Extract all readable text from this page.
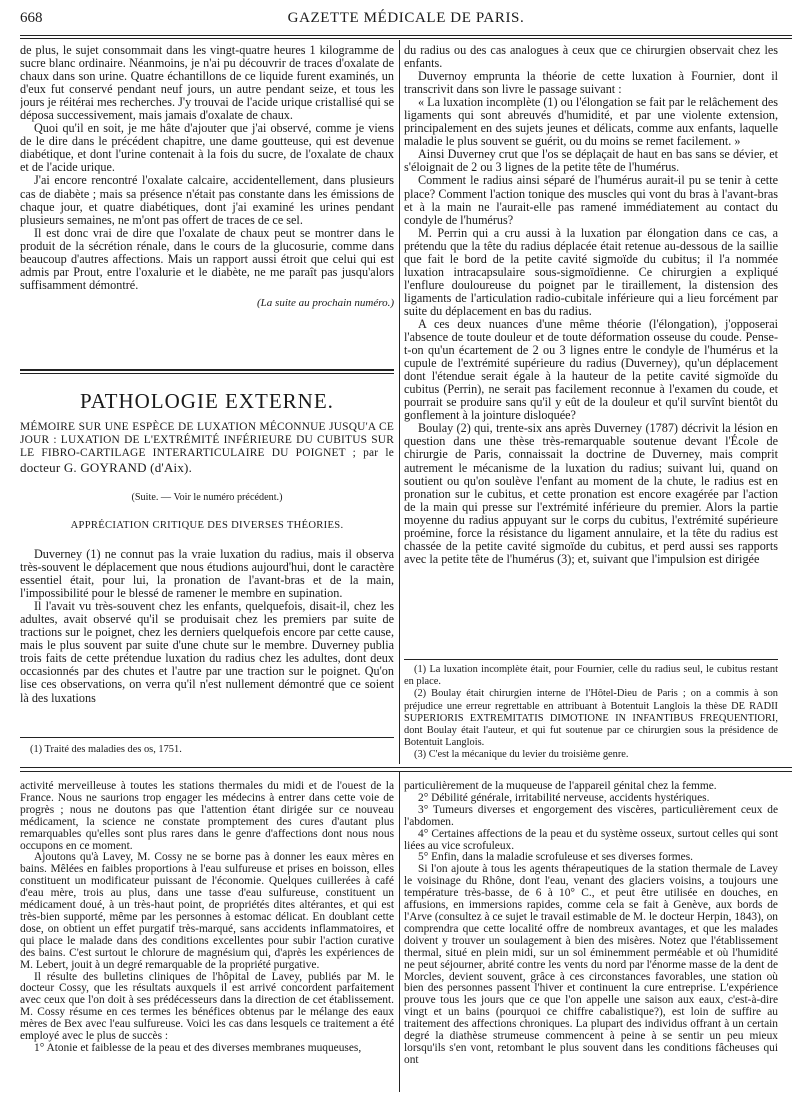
668	GAZETTE MÉDICALE DE PARIS.

de plus, le sujet consommait dans les vingt-quatre heures 1 kilogramme de sucre blanc ordinaire. Néanmoins, je n'ai pu découvrir de traces d'oxalate de chaux dans son urine. Quatre échantillons de ce liquide furent examinés, un d'eux fut conservé pendant neuf jours, un autre pendant seize, et tous les jours je réitérai mes recherches. J'y trouvai de l'acide urique cristallisé qui se déposa successivement, mais jamais d'oxalate de chaux.

Quoi qu'il en soit, je me hâte d'ajouter que j'ai observé, comme je viens de le dire dans le précédent chapitre, une dame goutteuse, qui est devenue diabétique, et dont l'urine contenait à la fois du sucre, de l'oxalate de chaux et de l'acide urique.

J'ai encore rencontré l'oxalate calcaire, accidentellement, dans plusieurs cas de diabète ; mais sa présence n'était pas constante dans les émissions de chaque jour, et quatre diabétiques, dont j'ai examiné les urines pendant plusieurs semaines, ne m'ont pas offert de traces de ce sel.

Il est donc vrai de dire que l'oxalate de chaux peut se montrer dans le produit de la sécrétion rénale, dans le cours de la glucosurie, comme dans beaucoup d'autres affections. Mais un rapport aussi étroit que celui qui est admis par Prout, entre l'oxalurie et le diabète, ne me paraît pas jusqu'alors suffisamment démontré.

(La suite au prochain numéro.)

PATHOLOGIE EXTERNE.
MÉMOIRE SUR UNE ESPÈCE DE LUXATION MÉCONNUE JUSQU'A CE JOUR : LUXATION DE L'EXTRÉMITÉ INFÉRIEURE DU CUBITUS SUR LE FIBRO-CARTILAGE INTERARTICULAIRE DU POIGNET ; par le docteur G. GOYRAND (d'Aix).
(Suite. — Voir le numéro précédent.)
APPRÉCIATION CRITIQUE DES DIVERSES THÉORIES.

Duverney (1) ne connut pas la vraie luxation du radius, mais il observa très-souvent le déplacement que nous étudions aujourd'hui, dont le caractère essentiel était, pour lui, la pronation de l'avant-bras et de la main, l'impossibilité pour le blessé de ramener le membre en supination.

Il l'avait vu très-souvent chez les enfants, quelquefois, disait-il, chez les adultes, avait observé qu'il se produisait chez les premiers par suite de tractions sur le poignet, chez les derniers quelquefois encore par cette cause, mais le plus souvent par suite d'une chute sur le membre. Duverney publia trois faits de cette prétendue luxation du radius chez les adultes, dont deux occasionnés par des chutes et l'autre par une traction sur le poignet. Qu'on lise ces observations, on verra qu'il n'est nullement démontré que ce soient là des luxations

(1) Traité des maladies des os, 1751.

du radius ou des cas analogues à ceux que ce chirurgien observait chez les enfants.

Duvernoy emprunta la théorie de cette luxation à Fournier, dont il transcrivit dans son livre le passage suivant :

« La luxation incomplète (1) ou l'élongation se fait par le relâchement des ligaments qui sont abreuvés d'humidité, et par une violente extension, principalement en des sujets jeunes et délicats, comme aux enfants, laquelle maladie le plus souvent se guérit, ou du moins se remet facilement. »

Ainsi Duverney crut que l'os se déplaçait de haut en bas sans se dévier, et s'éloignait de 2 ou 3 lignes de la petite tête de l'humérus.

Comment le radius ainsi séparé de l'humérus aurait-il pu se tenir à cette place? Comment l'action tonique des muscles qui vont du bras à l'avant-bras et à la main ne l'aurait-elle pas ramené immédiatement au contact du condyle de l'humérus?

M. Perrin qui a cru aussi à la luxation par élongation dans ce cas, a prétendu que la tête du radius déplacée était retenue au-dessous de la saillie que fait le bord de la petite cavité sigmoïde du cubitus; il l'a nommée luxation intracapsulaire sous-sigmoïdienne. Ce chirurgien a expliqué l'enflure douloureuse du poignet par le tiraillement, la distension des ligaments de l'articulation radio-cubitale inférieure qui a lieu forcément par suite du déplacement en bas du radius.

A ces deux nuances d'une même théorie (l'élongation), j'opposerai l'absence de toute douleur et de toute déformation osseuse du coude. Pense-t-on qu'un écartement de 2 ou 3 lignes entre le condyle de l'humérus et la cupule de l'extrémité supérieure du radius (Duverney), qu'un déplacement dont l'étendue serait égale à la hauteur de la petite cavité sigmoïde du cubitus (Perrin), ne serait pas facilement reconnue à l'examen du coude, et pourrait se produire sans qu'il y eût de la douleur et qu'il survînt bientôt du gonflement à la jointure disloquée?

Boulay (2) qui, trente-six ans après Duverney (1787) décrivit la lésion en question dans une thèse très-remarquable soutenue devant l'École de chirurgie de Paris, connaissait la doctrine de Duverney, mais comprit autrement le mécanisme de la luxation du radius; suivant lui, quand on soutient ou qu'on soulève l'enfant au moment de la chute, le radius est en pronation sur le cubitus, et cette pronation est encore exagérée par l'action de la main qui presse sur l'extrémité inférieure du premier. Alors la partie moyenne du radius appuyant sur le corps du cubitus, l'extrémité supérieure proémine, force la résistance du ligament annulaire, et la tête du radius est chassée de la petite cavité sigmoïde du cubitus, et perd aussi ses rapports avec la petite tête de l'humérus (3); et, suivant que l'impulsion est dirigée

(1) La luxation incomplète était, pour Fournier, celle du radius seul, le cubitus restant en place.

(2) Boulay était chirurgien interne de l'Hôtel-Dieu de Paris ; on a commis à son préjudice une erreur regrettable en attribuant à Botentuit Langlois la thèse DE RADII SUPERIORIS EXTREMITATIS DIMOTIONE IN INFANTIBUS FREQUENTIORI, dont Boulay était l'auteur, et qui fut soutenue par ce chirurgien sous la présidence de Botentuit Langlois.

(3) C'est la mécanique du levier du troisième genre.

activité merveilleuse à toutes les stations thermales du midi et de l'ouest de la France. Nous ne saurions trop engager les médecins à entrer dans cette voie de progrès ; nous ne doutons pas que l'attention étant dirigée sur ce nouveau médicament, la science ne constate promptement des cures d'autant plus remarquables qu'elles sont plus rares dans le genre d'affections dont nous nous occupons en ce moment.

Ajoutons qu'à Lavey, M. Cossy ne se borne pas à donner les eaux mères en bains. Mêlées en faibles proportions à l'eau sulfureuse et prises en boisson, elles constituent un modificateur puissant de l'économie. Quelques cuillerées à café d'eau mère, trois au plus, dans une tasse d'eau sulfureuse, constituent un médicament doué, à un très-haut point, de propriétés dites altérantes, et qui est très-bien supporté, même par les personnes à estomac délicat. En doublant cette dose, on obtient un effet purgatif très-marqué, sans accidents inflammatoires, et qui place le malade dans des conditions excellentes pour subir l'action curative des bains. C'est surtout le chlorure de magnésium qui, d'après les expériences de M. Lebert, jouit à un degré remarquable de la propriété purgative.

Il résulte des bulletins cliniques de l'hôpital de Lavey, publiés par M. le docteur Cossy, que les résultats auxquels il est arrivé concordent parfaitement avec ceux que l'on doit à ses prédécesseurs dans la direction de cet établissement. M. Cossy résume en ces termes les bénéfices obtenus par le mélange des eaux mères de Bex avec l'eau sulfureuse. Voici les cas dans lesquels ce traitement a été employé avec le plus de succès :

1° Atonie et faiblesse de la peau et des diverses membranes muqueuses,

particulièrement de la muqueuse de l'appareil génital chez la femme.

2° Débilité générale, irritabilité nerveuse, accidents hystériques.

3° Tumeurs diverses et engorgement des viscères, particulièrement ceux de l'abdomen.

4° Certaines affections de la peau et du système osseux, surtout celles qui sont liées au vice scrofuleux.

5° Enfin, dans la maladie scrofuleuse et ses diverses formes.

Si l'on ajoute à tous les agents thérapeutiques de la station thermale de Lavey le voisinage du Rhône, dont l'eau, venant des glaciers voisins, a toujours une température très-basse, de 6 à 10° C., et peut être utilisée en douches, en affusions, en immersions rapides, comme cela se fait à Genève, aux bords de l'Arve (consultez à ce sujet le travail estimable de M. le docteur Herpin, 1843), on comprendra que cette localité offre de nombreux avantages, et que les malades doivent y trouver un soulagement à bien des misères. Notez que l'établissement thermal, situé en plein midi, sur un sol éminemment perméable et où l'humidité ne peut séjourner, abrité contre les vents du nord par l'énorme masse de la dent de Morcles, devient souvent, grâce à ces circonstances favorables, une station où bien des personnes passent l'hiver et continuent la cure entreprise. L'expérience prouve tous les jours que ce que l'on appelle une saison aux eaux, c'est-à-dire vingt et un bains (pourquoi ce chiffre cabalistique?), est loin de suffire au traitement des affections chroniques. La plupart des individus offrant à un certain degré la diathèse strumeuse commencent à peine à se sentir un peu mieux lorsqu'ils s'en vont, retombant le plus souvent dans les conditions fâcheuses qui ont
